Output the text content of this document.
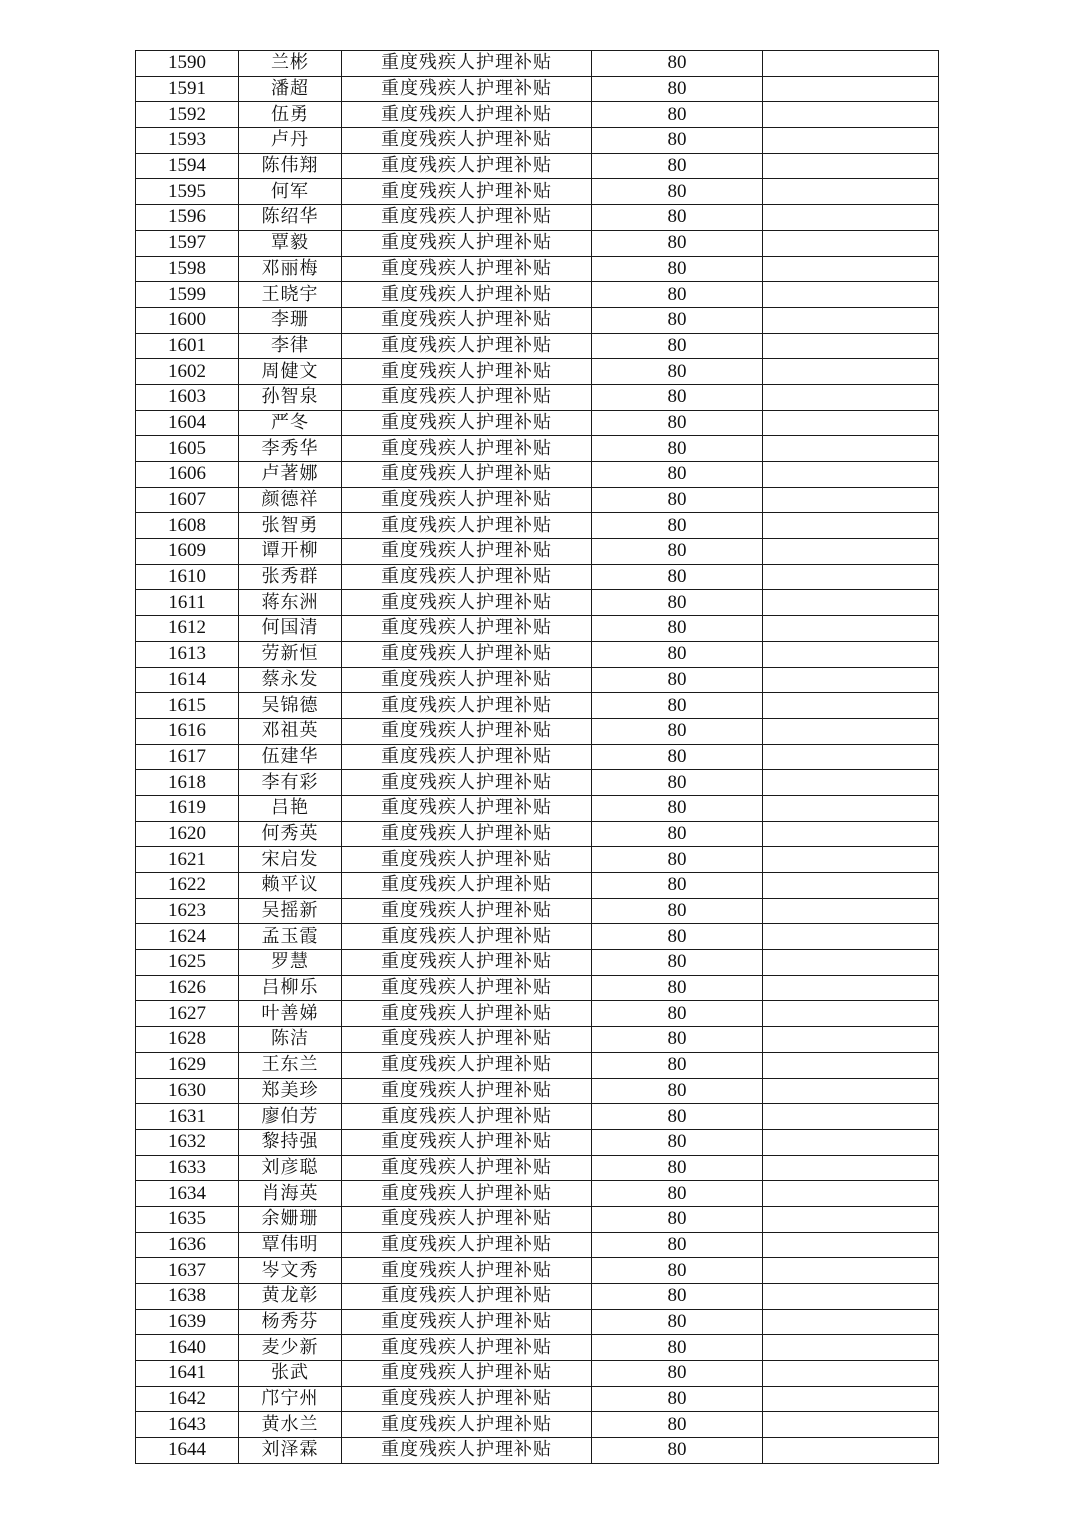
1590	兰彬	重度残疾人护理补贴	80	
1591	潘超	重度残疾人护理补贴	80	
1592	伍勇	重度残疾人护理补贴	80	
1593	卢丹	重度残疾人护理补贴	80	
1594	陈伟翔	重度残疾人护理补贴	80	
1595	何军	重度残疾人护理补贴	80	
1596	陈绍华	重度残疾人护理补贴	80	
1597	覃毅	重度残疾人护理补贴	80	
1598	邓丽梅	重度残疾人护理补贴	80	
1599	王晓宇	重度残疾人护理补贴	80	
1600	李珊	重度残疾人护理补贴	80	
1601	李律	重度残疾人护理补贴	80	
1602	周健文	重度残疾人护理补贴	80	
1603	孙智泉	重度残疾人护理补贴	80	
1604	严冬	重度残疾人护理补贴	80	
1605	李秀华	重度残疾人护理补贴	80	
1606	卢著娜	重度残疾人护理补贴	80	
1607	颜德祥	重度残疾人护理补贴	80	
1608	张智勇	重度残疾人护理补贴	80	
1609	谭开柳	重度残疾人护理补贴	80	
1610	张秀群	重度残疾人护理补贴	80	
1611	蒋东洲	重度残疾人护理补贴	80	
1612	何国清	重度残疾人护理补贴	80	
1613	劳新恒	重度残疾人护理补贴	80	
1614	蔡永发	重度残疾人护理补贴	80	
1615	吴锦德	重度残疾人护理补贴	80	
1616	邓祖英	重度残疾人护理补贴	80	
1617	伍建华	重度残疾人护理补贴	80	
1618	李有彩	重度残疾人护理补贴	80	
1619	吕艳	重度残疾人护理补贴	80	
1620	何秀英	重度残疾人护理补贴	80	
1621	宋启发	重度残疾人护理补贴	80	
1622	赖平议	重度残疾人护理补贴	80	
1623	吴摇新	重度残疾人护理补贴	80	
1624	孟玉霞	重度残疾人护理补贴	80	
1625	罗慧	重度残疾人护理补贴	80	
1626	吕柳乐	重度残疾人护理补贴	80	
1627	叶善娣	重度残疾人护理补贴	80	
1628	陈洁	重度残疾人护理补贴	80	
1629	王东兰	重度残疾人护理补贴	80	
1630	郑美珍	重度残疾人护理补贴	80	
1631	廖伯芳	重度残疾人护理补贴	80	
1632	黎持强	重度残疾人护理补贴	80	
1633	刘彦聪	重度残疾人护理补贴	80	
1634	肖海英	重度残疾人护理补贴	80	
1635	余姗珊	重度残疾人护理补贴	80	
1636	覃伟明	重度残疾人护理补贴	80	
1637	岑文秀	重度残疾人护理补贴	80	
1638	黄龙彰	重度残疾人护理补贴	80	
1639	杨秀芬	重度残疾人护理补贴	80	
1640	麦少新	重度残疾人护理补贴	80	
1641	张武	重度残疾人护理补贴	80	
1642	邝宁州	重度残疾人护理补贴	80	
1643	黄水兰	重度残疾人护理补贴	80	
1644	刘泽霖	重度残疾人护理补贴	80	
